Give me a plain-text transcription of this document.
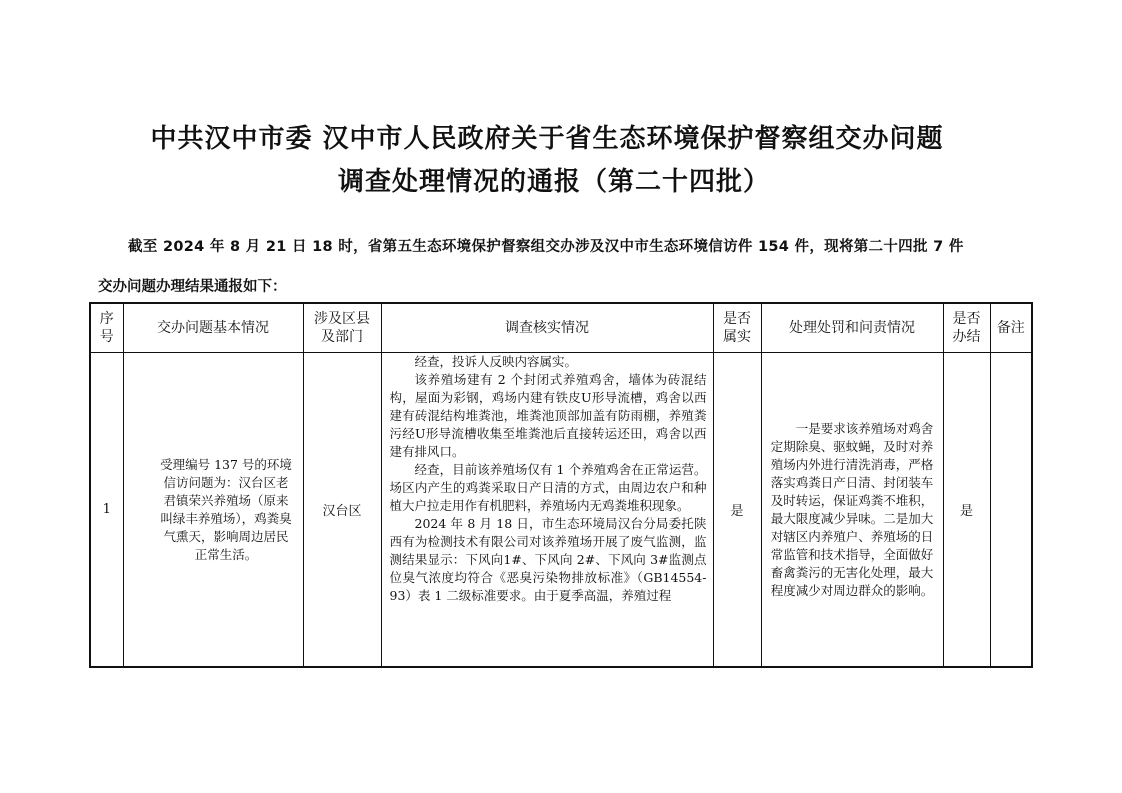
中共汉中市委 汉中市人民政府关于省生态环境保护督察组交办问题
调查处理情况的通报（第二十四批）
截至 2024 年 8 月 21 日 18 时，省第五生态环境保护督察组交办涉及汉中市生态环境信访件 154 件，现将第二十四批 7 件
交办问题办理结果通报如下：
序号	交办问题基本情况	涉及区县及部门	调查核实情况	是否属实	处理处罚和问责情况	是否办结	备注
1	受理编号 137 号的环境信访问题为：汉台区老君镇荣兴养殖场（原来叫绿丰养殖场），鸡粪臭气熏天，影响周边居民正常生活。	汉台区	经查，投诉人反映内容属实。

该养殖场建有 2 个封闭式养殖鸡舍，墙体为砖混结构，屋面为彩钢，鸡场内建有铁皮U形导流槽，鸡舍以西建有砖混结构堆粪池，堆粪池顶部加盖有防雨棚，养殖粪污经U形导流槽收集至堆粪池后直接转运还田，鸡舍以西建有排风口。

经查，目前该养殖场仅有 1 个养殖鸡舍在正常运营。场区内产生的鸡粪采取日产日清的方式，由周边农户和种植大户拉走用作有机肥料，养殖场内无鸡粪堆积现象。

2024 年 8 月 18 日，市生态环境局汉台分局委托陕西有为检测技术有限公司对该养殖场开展了废气监测，监测结果显示：下风向1#、下风向 2#、下风向 3#监测点位臭气浓度均符合《恶臭污染物排放标准》（GB14554-93）表 1 二级标准要求。由于夏季高温，养殖过程	是	一是要求该养殖场对鸡舍定期除臭、驱蚊蝇，及时对养殖场内外进行清洗消毒，严格落实鸡粪日产日清、封闭装车及时转运，保证鸡粪不堆积，最大限度减少异味。二是加大对辖区内养殖户、养殖场的日常监管和技术指导，全面做好畜禽粪污的无害化处理，最大程度减少对周边群众的影响。	是	
